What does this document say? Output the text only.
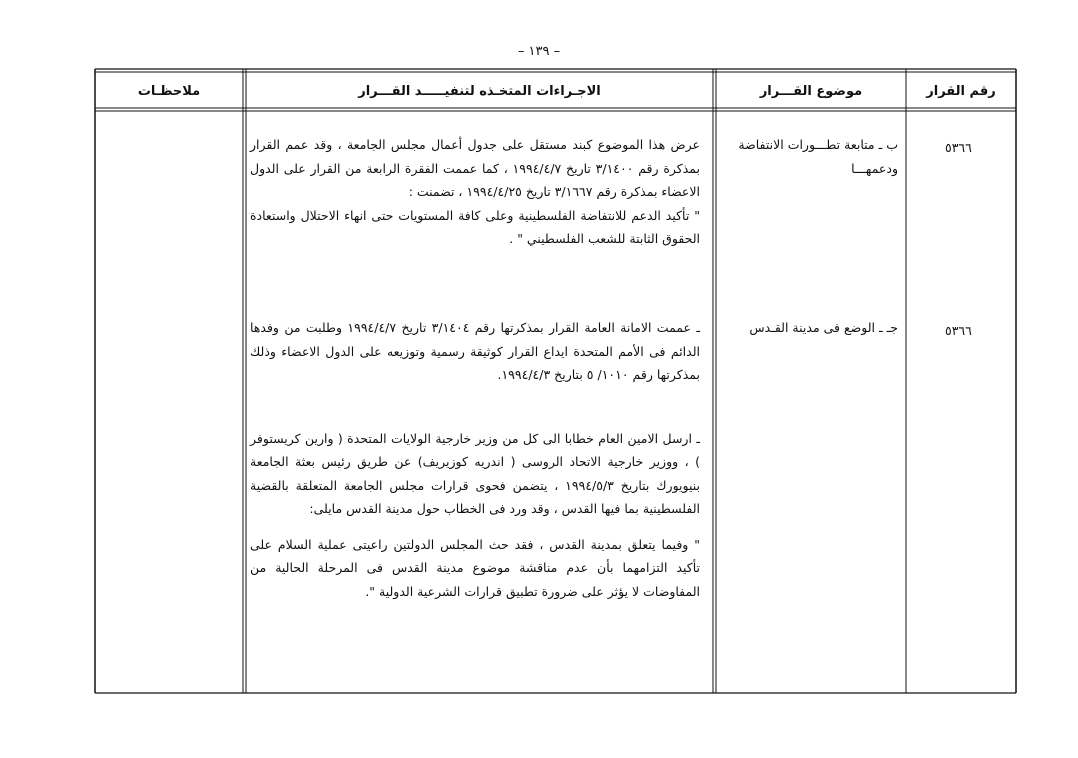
– ١٣٩ –
رقم القرار
موضوع القـــرار
الاجـراءات المتخـذه لتنفيـــــد القـــرار
ملاحظـات
٥٣٦٦
ب ـ متابعة تطـــورات الانتفاضة ودعمهـــا

عرض هذا الموضوع كبند مستقل على جدول أعمال مجلس الجامعة ، وقد عمم القرار بمذكرة رقم ٣/١٤٠٠ تاريخ ١٩٩٤/٤/٧ ، كما عممت الفقرة الرابعة من القرار على الدول الاعضاء بمذكرة رقم ٣/١٦٦٧ تاريخ ١٩٩٤/٤/٢٥ ، تضمنت :

" تأكيد الدعم للانتفاضة الفلسطينية وعلى كافة المستويات حتى انهاء الاحتلال واستعادة الحقوق الثابتة للشعب الفلسطيني " .

٥٣٦٦
جـ ـ الوضع فى مدينة القـدس

ـ عممت الامانة العامة القرار بمذكرتها رقم ٣/١٤٠٤ تاريخ ١٩٩٤/٤/٧ وطلبت من وفدها الدائم فى الأمم المتحدة ايداع القرار كوثيقة رسمية وتوزيعه على الدول الاعضاء وذلك بمذكرتها رقم ١٠١٠/ ٥ بتاريخ ١٩٩٤/٤/٣.

ـ ارسل الامين العام خطابا الى كل من وزير خارجية الولايات المتحدة ( وارين كريستوفر ) ، ووزير خارجية الاتحاد الروسى ( اندريه كوزيريف) عن طريق رئيس بعثة الجامعة بنيويورك بتاريخ ١٩٩٤/٥/٣ ، يتضمن فحوى قرارات مجلس الجامعة المتعلقة بالقضية الفلسطينية بما فيها القدس ، وقد ورد فى الخطاب حول مدينة القدس مايلى:

" وفيما يتعلق بمدينة القدس ، فقد حث المجلس الدولتين راعيتى عملية السلام على تأكيد التزامهما بأن عدم مناقشة موضوع مدينة القدس فى المرحلة الحالية من المفاوضات لا يؤثر على ضرورة تطبيق قرارات الشرعية الدولية ".
